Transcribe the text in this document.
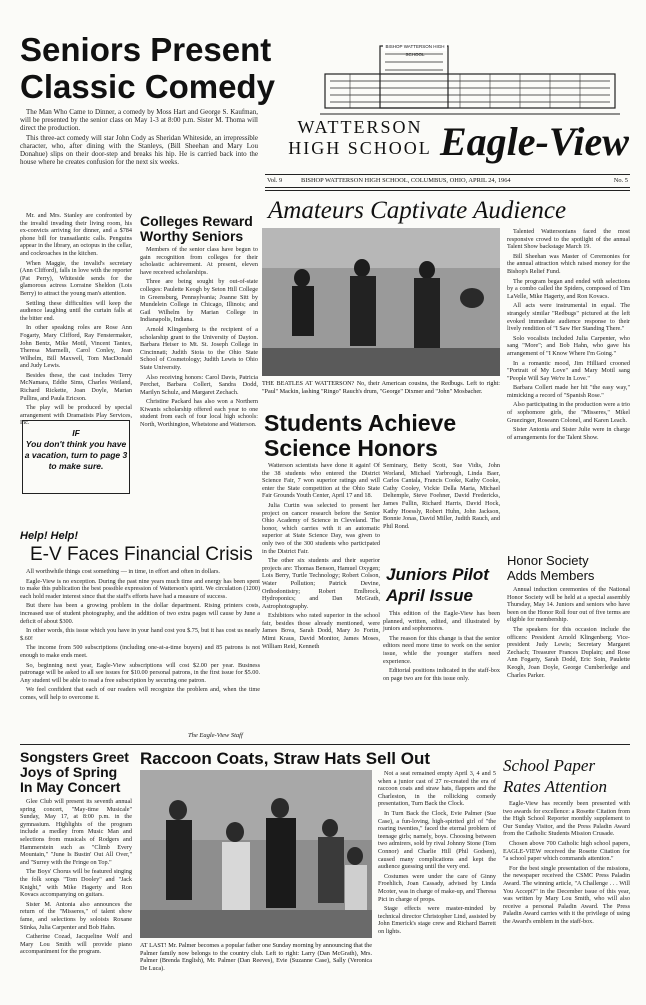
BISHOP WATTERSON HIGH SCHOOL
WATTERSON
HIGH SCHOOL Eagle-View
Vol. 9	BISHOP WATTERSON HIGH SCHOOL, COLUMBUS, OHIO, APRIL 24, 1964	No. 5
Seniors Present
Classic Comedy

The Man Who Came to Dinner, a comedy by Moss Hart and George S. Kaufman, will be presented by the senior class on May 1-3 at 8:00 p.m. Sister M. Thoma will direct the production.

This three-act comedy will star John Cody as Sheridan Whiteside, an irrepressible character, who, after dining with the Stanleys, (Bill Sheehan and Mary Lou Donahue) slips on their door-step and breaks his hip. He is carried back into the house where he creates confusion for the next six weeks.

Mr. and Mrs. Stanley are confronted by the invalid invading their living room, his ex-convicts arriving for dinner, and a $784 phone bill for transatlantic calls. Penguins appear in the library, an octopus in the cellar, and cockroaches in the kitchen.

When Maggie, the invalid's secretary (Ann Clifford), falls in love with the reporter (Pat Perry), Whiteside sends for the glamorous actress Lorraine Sheldon (Lois Berry) to attract the young man's attention.

Settling these difficulties will keep the audience laughing until the curtain falls at the bitter end.

In other speaking roles are Rose Ann Fogarty, Mary Clifford, Ray Fenstermaker, John Bentz, Mike Motil, Vincent Tantex, Theresa Marmelli, Carol Conley, Jean Wilhelm, Bill Maxwell, Tom MacDonald and Judy Lewis.

Besides these, the cast includes Terry McNamara, Eddie Sims, Charles Weiland, Richard Rickette, Joan Doyle, Marian Pullins, and Paula Ericson.

The play will be produced by special arrangement with Dramatists Play Services, Inc.

IF
You don't think you have
a vacation, turn to page 3
to make sure.
Colleges Reward
Worthy Seniors

Members of the senior class have begun to gain recognition from colleges for their scholastic achievement. At present, eleven have received scholarships.

Three are being sought by out-of-state colleges: Paulette Keogh by Seton Hill College in Greensburg, Pennsylvania; Joanne Sitt by Mundelein College in Chicago, Illinois; and Gail Wilhelm by Marian College in Indianapolis, Indiana.

Arnold Klingenberg is the recipient of a scholarship grant to the University of Dayton. Barbara Heiser to Mt. St. Joseph College in Cincinnati; Judith Stoia to the Ohio State School of Cosmetology; Judith Lewis to Ohio State University.

Also receiving honors: Carol Davis, Patricia Perchet, Barbara Collert, Sandra Dodd, Marilyn Schulz, and Margaret Zechach.

Christine Packard has also won a Northern Kiwanis scholarship offered each year to one student from each of four local high schools: North, Worthington, Whetstone and Watterson.

Help! Help!
E-V Faces Financial Crisis

All worthwhile things cost something — in time, in effort and often in dollars.

Eagle-View is no exception. During the past nine years much time and energy has been spent to make this publication the best possible expression of Watterson's spirit. We circulation (1200) each hold reader interest since that the staff's efforts have had a measure of success.

But there has been a growing problem in the dollar department. Rising printers costs, increased use of student photography, and the addition of two extra pages will cause by June a deficit of about $300.

In other words, this issue which you have in your hand cost you $.75, but it has cost us nearly $.60!

The income from 500 subscriptions (including one-at-a-time buyers) and 85 patrons is not enough to make ends meet.

So, beginning next year, Eagle-View subscriptions will cost $2.00 per year. Business patronage will be asked to all see issues for $10.00 personal patrons, in the first issue for $5.00. Any student will be able to read a free subscription by securing one patron.

We feel confident that each of our readers will recognize the problem and, when the time comes, will help to overcome it.

The Eagle-View Staff
Amateurs Captivate Audience
THE BEATLES AT WATTERSON? No, their American cousins, the Redbugs. Left to right: "Paul" Mackin, lashing "Ringo" Rauch's drum, "George" Dixmer and "John" Mosbacher.

Talented Wattersonians faced the most responsive crowd to the spotlight of the annual Talent Show backstage March 19.

Bill Sheehan was Master of Ceremonies for the annual attraction which raised money for the Bishop's Relief Fund.

The program began and ended with selections by a combo called the Spiders, composed of Tim LaVelle, Mike Hagerty, and Ron Kovacs.

All acts were instrumental in equal. The strangely similar "Redbugs" pictured at the left evoked immediate audience response to their lively rendition of "I Saw Her Standing There."

Solo vocalists included Julia Carpenter, who sang "More"; and Bob Hahn, who gave his arrangement of "I Know Where I'm Going."

In a romantic mood, Jim Hilliard crooned "Portrait of My Love" and Mary Motil sang "People Will Say We're In Love."

Barbara Collert made her hit "the easy way," mimicking a record of "Spanish Rose."

Also participating in the production were a trio of sophomore girls, the "Misseres," Mikel Gruezinger, Roseann Colonel, and Karen Leach.

Sister Antonia and Sister Julie were in charge of arrangements for the Talent Show.

Students Achieve
Science Honors

Watterson scientists have done it again! Of the 38 students who entered the District Science Fair, 7 won superior ratings and will enter the State competition at the Ohio State Fair Grounds Youth Center, April 17 and 18.

Julia Curtin was selected to present her project on cancer research before the Senior Ohio Academy of Science in Cleveland. The honor, which carries with it an automatic superior at State Science Day, was given to only two of the 300 students who participated in the District Fair.

The other six students and their superior projects are: Thomas Benson, Hamuel Oxygen; Lois Berry, Turtle Technology; Robert Colson, Water Pollution; Patrick Devine, Orthodontistry; Robert Emlbrock, Hydroponics; and Dan McGrath, Astrophotography.

Exhibitors who rated superior in the school fair, besides those already mentioned, were James Bova, Sarah Dodd, Mary Jo Fortin, Mimi Kraus, David Monitor, James Moses, William Reid, Kenneth

Seminary, Betty Scott, Sue Vidis, John Worland, Michael Yarbrough, Linda Baer, Carlos Cantala, Francis Cooke, Kathy Cooke, Cathy Cooley, Vickie Della Maria, Michael Deltemple, Steve Foehner, David Fredericks, James Fullin, Richard Harris, David Hock, Kathy Hoessly, Robert Huhn, John Jackson, Bonnie Jonas, David Miller, Judith Rauch, and Phil Rond.

Juniors Pilot
April Issue

This edition of the Eagle-View has been planned, written, edited, and illustrated by juniors and sophomores.

The reason for this change is that the senior editors need more time to work on the senior issue, while the younger staffers need experience.

Editorial positions indicated in the staff-box on page two are for this issue only.

Honor Society
Adds Members

Annual induction ceremonies of the National Honor Society will be held at a special assembly Thursday, May 14. Juniors and seniors who have been on the Honor Roll four out of five terms are eligible for membership.

The speakers for this occasion include the officers: President Arnold Klingenberg; Vice-president Judy Lewis; Secretary Margaret Zechach; Treasurer Frances Duplain; and Rose Ann Fogarty, Sarah Dodd, Eric Soin, Paulette Keogh, Joan Doyle, George Cumberledge and Charles Parker.

Songsters Greet
Joys of Spring
In May Concert

Glee Club will present its seventh annual spring concert, "May-time Musicale" Sunday, May 17, at 8:00 p.m. in the gymnasium. Highlights of the program include a medley from Music Man and selections from musicals of Rodgers and Hammerstein such as "Climb Every Mountain," "June Is Bustin' Out All Over," and "Surrey with the Fringe on Top."

The Boys' Chorus will be featured singing the folk songs "Tom Dooley" and "Jack Knight," with Mike Hagerty and Ron Kovacs accompanying on guitars.

Sister M. Antonia also announces the return of the "Misseres," of talent show fame, and selections by soloists Roxane Stinka, Julia Carpenter and Bob Hahn.

Catherine Cozad, Jacqueline Wolf and Mary Lou Smith will provide piano accompaniment for the program.

Raccoon Coats, Straw Hats Sell Out
AT LAST! Mr. Palmer becomes a popular father one Sunday morning by announcing that the Palmer family now belongs to the country club. Left to right: Larry (Dan McGrath), Mrs. Palmer (Brenda English), Mr. Palmer (Dan Reeves), Evie (Suzanne Case), Sally (Veronica De Luca).

Not a seat remained empty April 3, 4 and 5 when a junior cast of 27 re-created the era of raccoon coats and straw hats, flappers and the Charleston, in the rollicking comedy presentation, Turn Back the Clock.

In Turn Back the Clock, Evie Palmer (Sue Case), a fun-loving, high-spirited girl of "the roaring twenties," faced the eternal problem of teenage girls; namely, boys. Choosing between two admirers, sold by rival Johnny Stone (Tom Connor) and Charlie Hill (Phil Godsen), caused many complications and kept the audience guessing until the very end.

Costumes were under the care of Ginny Froehlich, Joan Cassady, advised by Linda Mcoter, was in charge of make-up, and Theresa Pici in charge of props.

Stage effects were master-minded by technical director Christopher Lind, assisted by John Emerick's stage crew and Richard Barrett on lights.

School Paper
Rates Attention

Eagle-View has recently been presented with two awards for excellence: a Rosette Citation from the High School Reporter monthly supplement to Our Sunday Visitor, and the Press Paladin Award from the Catholic Students Mission Crusade.

Chosen above 700 Catholic high school papers, EAGLE-VIEW received the Rosette Citation for "a school paper which commands attention."

For the best single presentation of the missions, the newspaper received the CSMC Press Paladin Award. The winning article, "A Challenge . . . Will You Accept?" in the December issue of this year, was written by Mary Lou Smith, who will also receive a personal Paladin Award. The Press Paladin Award carries with it the privilege of using the Award's emblem in the staff-box.
